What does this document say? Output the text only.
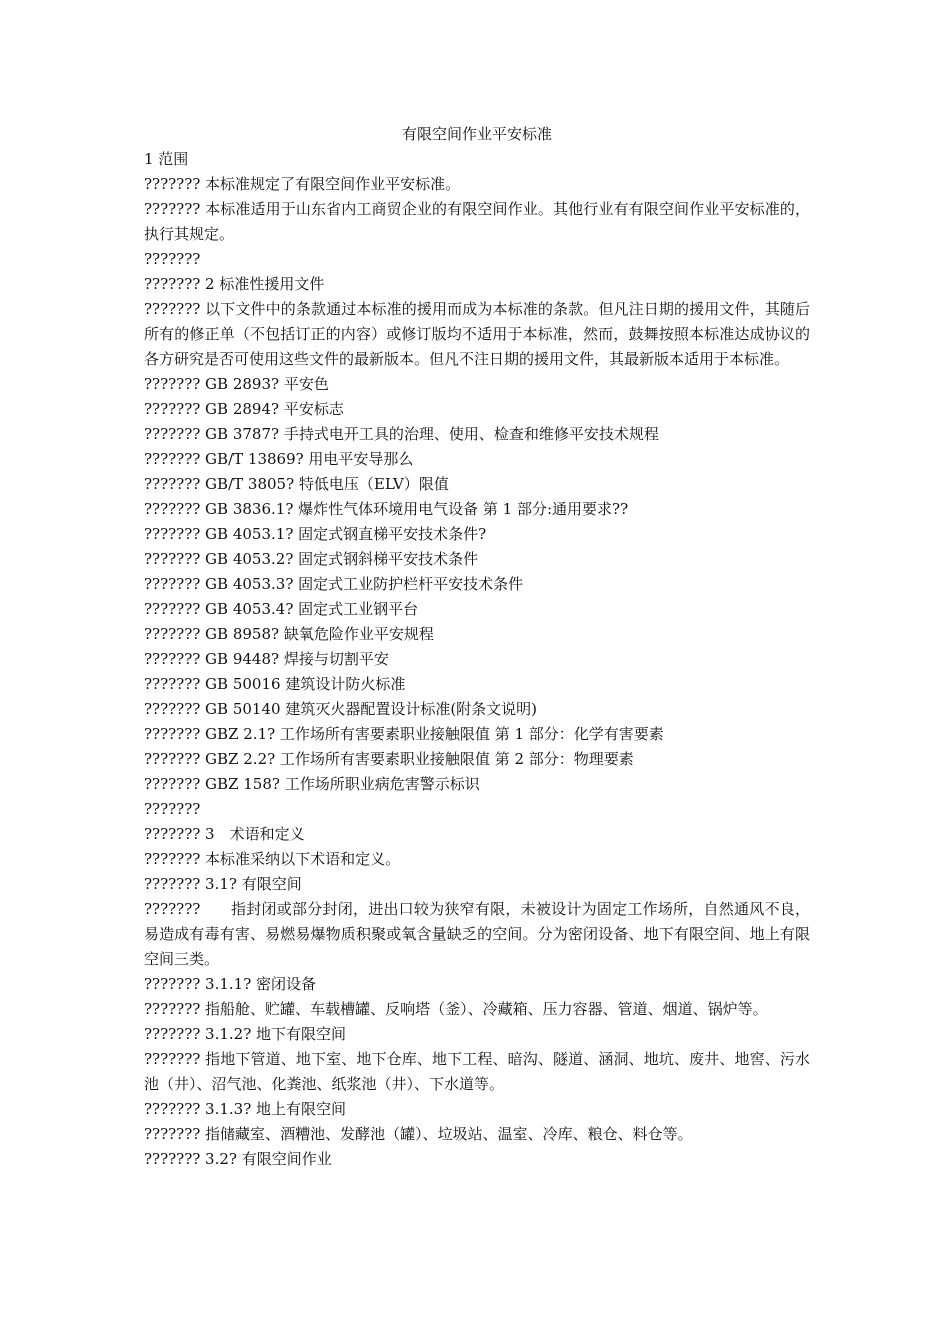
有限空间作业平安标准

1 范围

??????? 本标准规定了有限空间作业平安标准。

??????? 本标准适用于山东省内工商贸企业的有限空间作业。其他行业有有限空间作业平安标准的，执行其规定。

???????

??????? 2 标准性援用文件

??????? 以下文件中的条款通过本标准的援用而成为本标准的条款。但凡注日期的援用文件，其随后所有的修正单（不包括订正的内容）或修订版均不适用于本标准，然而，鼓舞按照本标准达成协议的各方研究是否可使用这些文件的最新版本。但凡不注日期的援用文件，其最新版本适用于本标准。

??????? GB 2893? 平安色

??????? GB 2894? 平安标志

??????? GB 3787? 手持式电开工具的治理、使用、检查和维修平安技术规程

??????? GB/T 13869? 用电平安导那么

??????? GB/T 3805? 特低电压（ELV）限值

??????? GB 3836.1? 爆炸性气体环境用电气设备 第 1 部分:通用要求??

??????? GB 4053.1? 固定式钢直梯平安技术条件?

??????? GB 4053.2? 固定式钢斜梯平安技术条件

??????? GB 4053.3? 固定式工业防护栏杆平安技术条件

??????? GB 4053.4? 固定式工业钢平台

??????? GB 8958? 缺氧危险作业平安规程

??????? GB 9448? 焊接与切割平安

??????? GB 50016 建筑设计防火标准

??????? GB 50140 建筑灭火器配置设计标准(附条文说明)

??????? GBZ 2.1? 工作场所有害要素职业接触限值 第 1 部分：化学有害要素

??????? GBZ 2.2? 工作场所有害要素职业接触限值 第 2 部分：物理要素

??????? GBZ 158? 工作场所职业病危害警示标识

???????

??????? 3　术语和定义

??????? 本标准采纳以下术语和定义。

??????? 3.1? 有限空间

???????　　指封闭或部分封闭，进出口较为狭窄有限，未被设计为固定工作场所，自然通风不良，易造成有毒有害、易燃易爆物质积聚或氧含量缺乏的空间。分为密闭设备、地下有限空间、地上有限空间三类。

??????? 3.1.1? 密闭设备

??????? 指船舱、贮罐、车载槽罐、反响塔（釜）、冷藏箱、压力容器、管道、烟道、锅炉等。

??????? 3.1.2? 地下有限空间

??????? 指地下管道、地下室、地下仓库、地下工程、暗沟、隧道、涵洞、地坑、废井、地窖、污水池（井）、沼气池、化粪池、纸浆池（井）、下水道等。

??????? 3.1.3? 地上有限空间

??????? 指储藏室、酒糟池、发酵池（罐）、垃圾站、温室、冷库、粮仓、料仓等。

??????? 3.2? 有限空间作业
